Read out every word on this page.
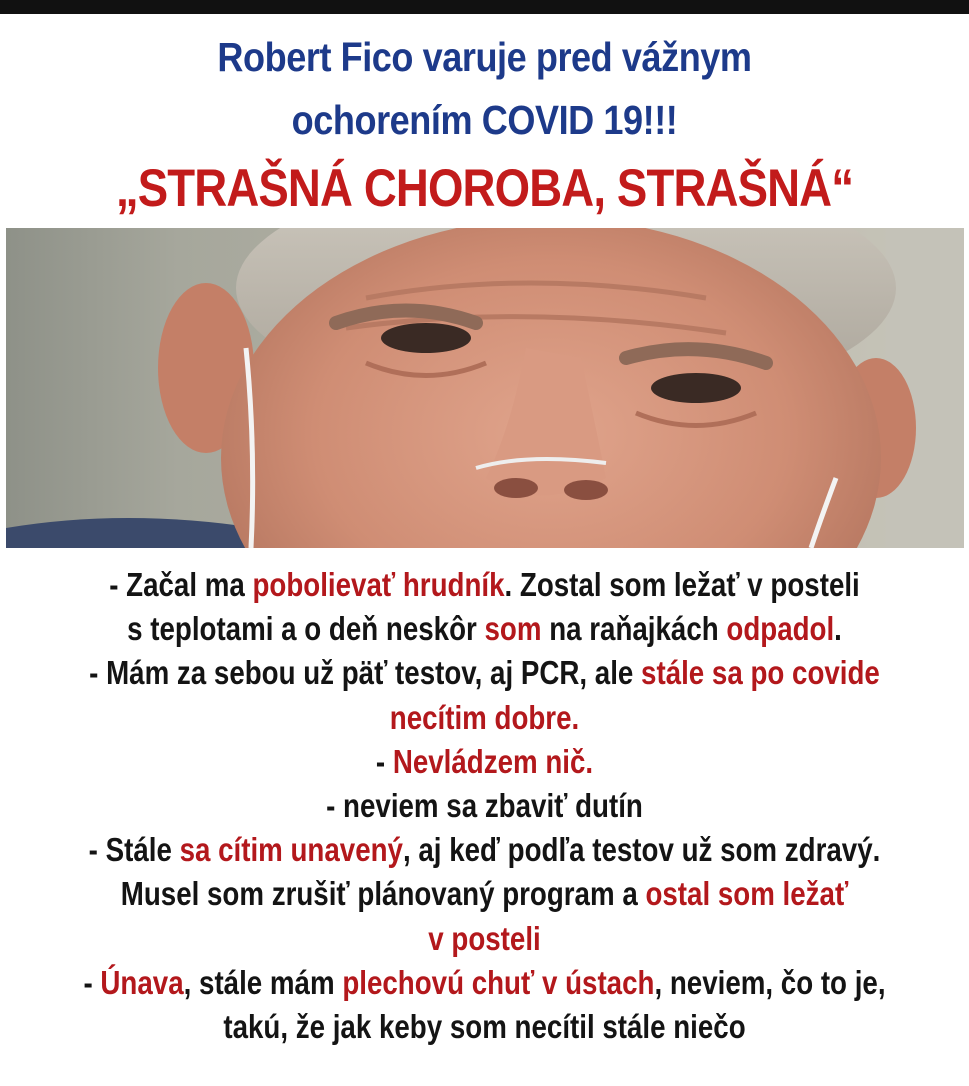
Robert Fico varuje pred vážnym
ochorením COVID 19!!!
„STRAŠNÁ CHOROBA, STRAŠNÁ“
- Začal ma pobolievať hrudník. Zostal som ležať v posteli
s teplotami a o deň neskôr som na raňajkách odpadol.
- Mám za sebou už päť testov, aj PCR, ale stále sa po covide
necítim dobre.
- Nevládzem nič.
- neviem sa zbaviť dutín
- Stále sa cítim unavený, aj keď podľa testov už som zdravý.
Musel som zrušiť plánovaný program a ostal som ležať
v posteli
- Únava, stále mám plechovú chuť v ústach, neviem, čo to je,
takú, že jak keby som necítil stále niečo
